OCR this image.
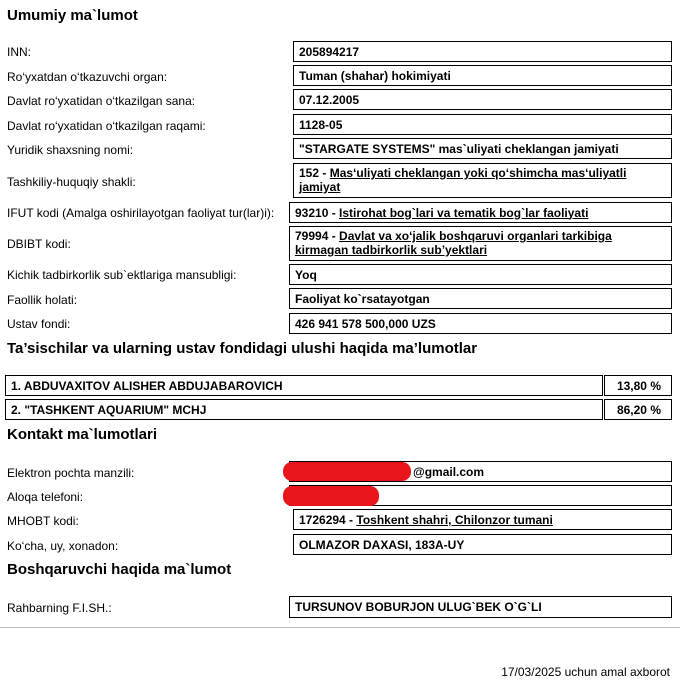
Umumiy ma`lumot
INN:	205894217
Ro‘yxatdan o‘tkazuvchi organ:	Tuman (shahar) hokimiyati
Davlat ro‘yxatidan o‘tkazilgan sana:	07.12.2005
Davlat ro‘yxatidan o‘tkazilgan raqami:	1128-05
Yuridik shaxsning nomi:	"STARGATE SYSTEMS" mas`uliyati cheklangan jamiyati
Tashkiliy-huquqiy shakli:
152 - Mas‘uliyati cheklangan yoki qo‘shimcha mas‘uliyatli jamiyat
IFUT kodi (Amalga oshirilayotgan faoliyat tur(lar)i): 93210 - Istirohat bog`lari va tematik bog`lar faoliyati
DBIBT kodi:
79994 - Davlat va xo‘jalik boshqaruvi organlari tarkibiga kirmagan tadbirkorlik sub’yektlari
Kichik tadbirkorlik sub`ektlariga mansubligi:	Yoq
Faollik holati:	Faoliyat ko`rsatayotgan
Ustav fondi:	426 941 578 500,000 UZS
Ta’sischilar va ularning ustav fondidagi ulushi haqida ma’lumotlar
1. ABDUVAXITOV ALISHER ABDUJABAROVICH	13,80 %
2. "TASHKENT AQUARIUM" MCHJ	86,20 %
Kontakt ma`lumotlari
Elektron pochta manzili:	@gmail.com
Aloqa telefoni:
MHOBT kodi:	1726294 - Toshkent shahri, Chilonzor tumani
Ko‘cha, uy, xonadon:	OLMAZOR DAXASI, 183A-UY
Boshqaruvchi haqida ma`lumot
Rahbarning F.I.SH.:	TURSUNOV BOBURJON ULUG`BEK O`G`LI
17/03/2025 uchun amal axborot
